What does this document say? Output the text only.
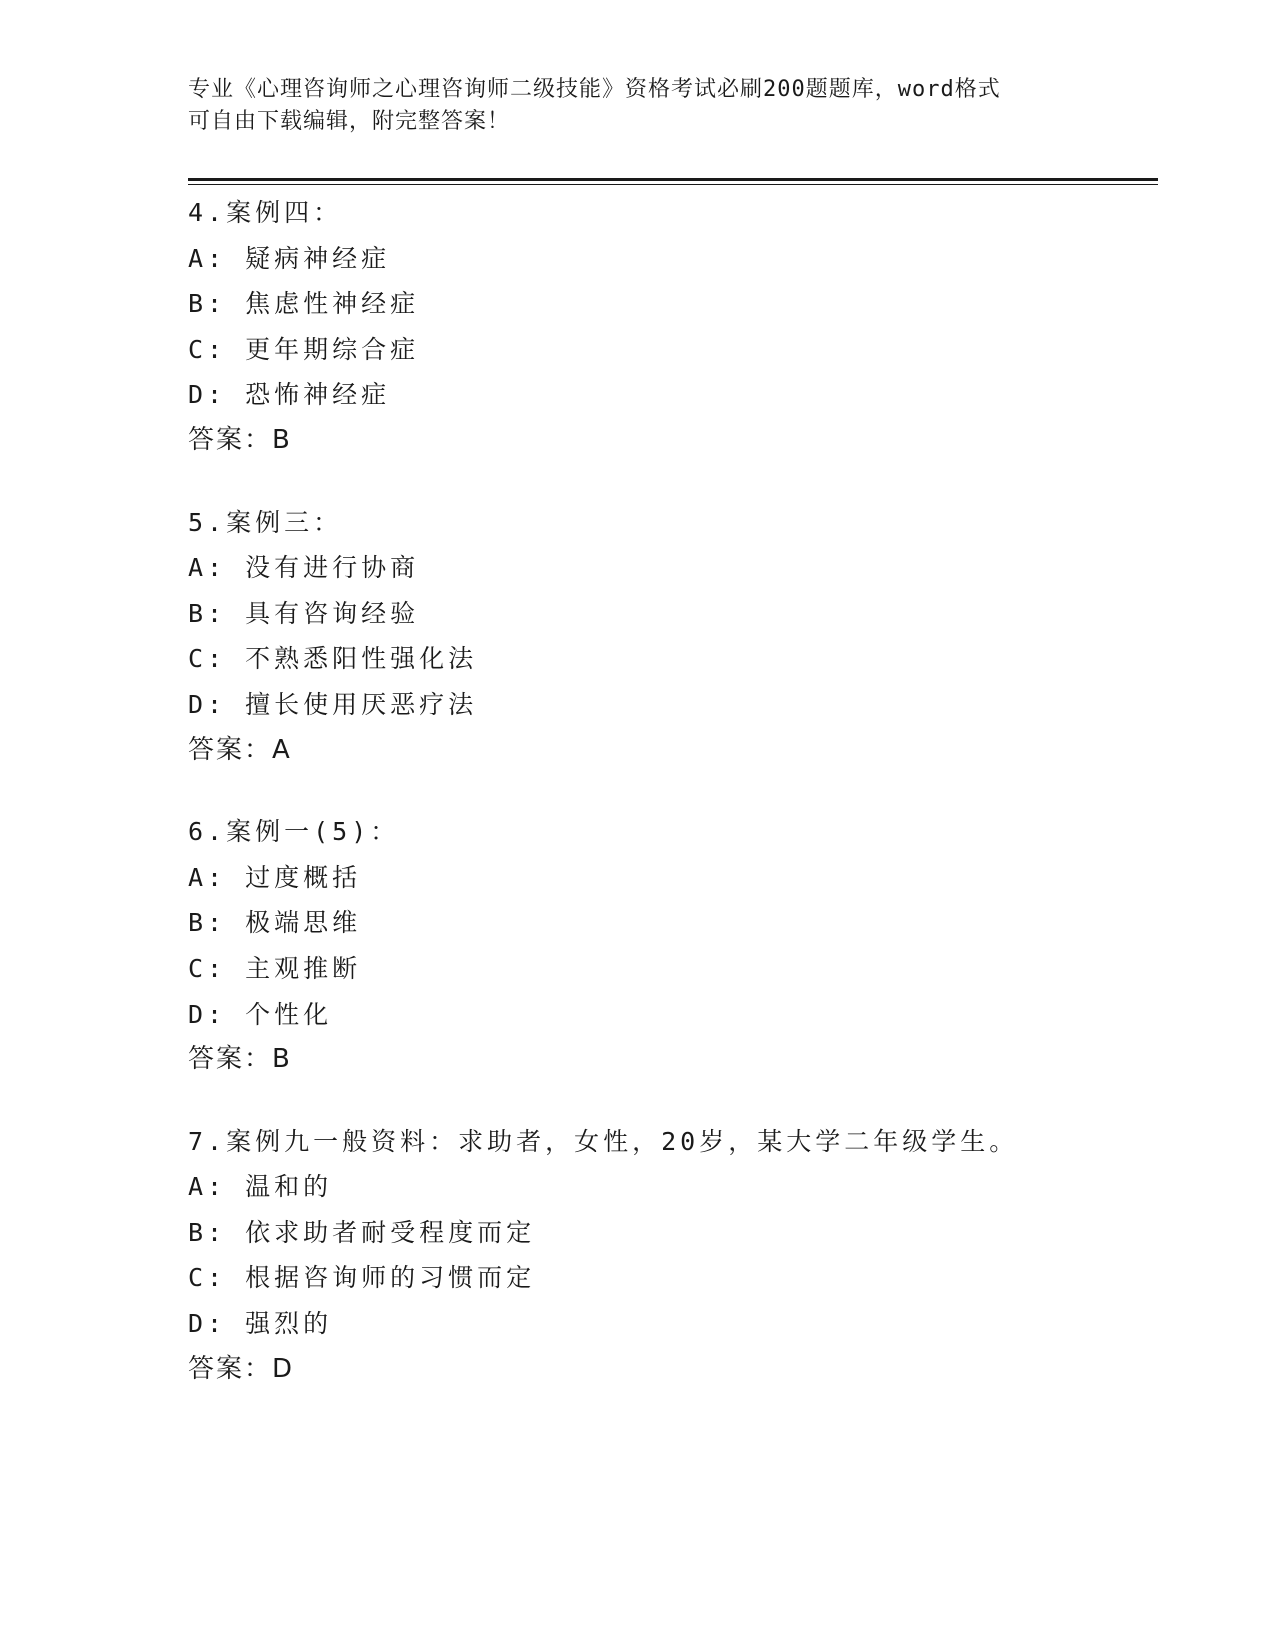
专业《心理咨询师之心理咨询师二级技能》资格考试必刷200题题库，word格式
可自由下载编辑，附完整答案！
4.案例四：
A: 疑病神经症
B: 焦虑性神经症
C: 更年期综合症
D: 恐怖神经症
答案：B
5.案例三：
A: 没有进行协商
B: 具有咨询经验
C: 不熟悉阳性强化法
D: 擅长使用厌恶疗法
答案：A
6.案例一(5)：
A: 过度概括
B: 极端思维
C: 主观推断
D: 个性化
答案：B
7.案例九一般资料：求助者，女性，20岁，某大学二年级学生。
A: 温和的
B: 依求助者耐受程度而定
C: 根据咨询师的习惯而定
D: 强烈的
答案：D
